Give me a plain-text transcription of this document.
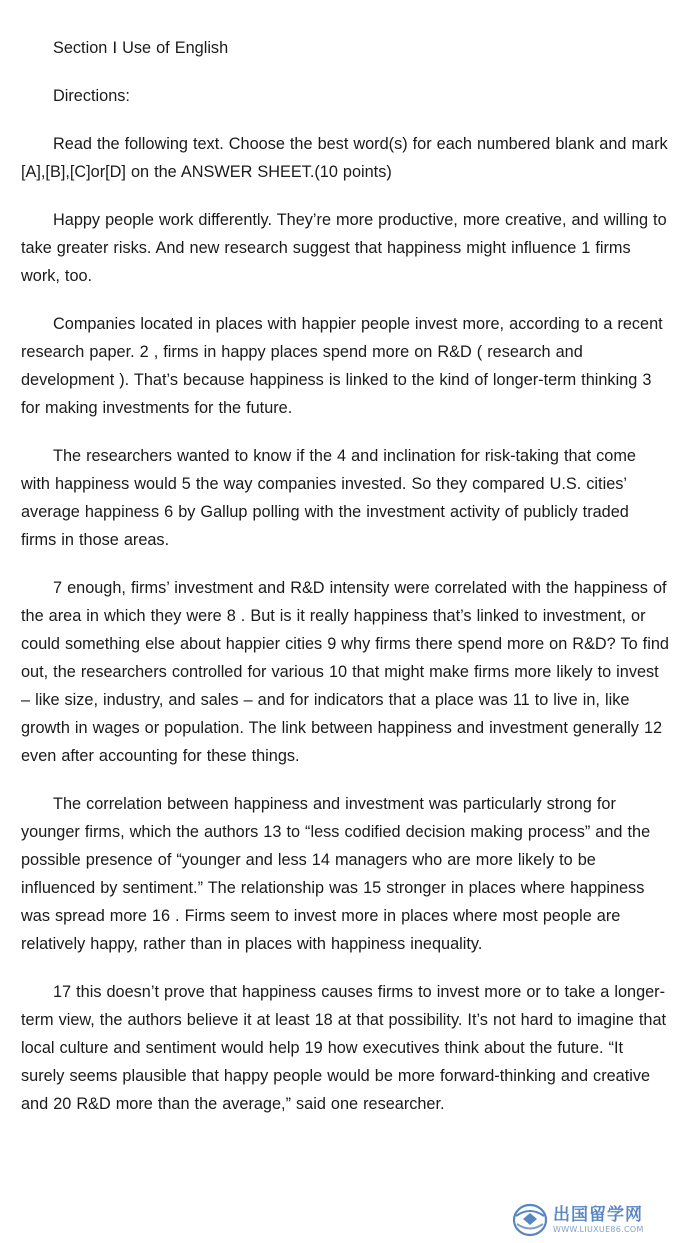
Section Ⅰ Use of English

Directions:

Read the following text. Choose the best word(s) for each numbered blank and mark [A],[B],[C]or[D] on the ANSWER SHEET.(10 points)

Happy people work differently. They’re more productive, more creative, and willing to take greater risks. And new research suggest that happiness might influence 1 firms work, too.

Companies located in places with happier people invest more, according to a recent research paper. 2 , firms in happy places spend more on R&D ( research and development ). That’s because happiness is linked to the kind of longer-term thinking 3 for making investments for the future.

The researchers wanted to know if the 4 and inclination for risk-taking that come with happiness would 5 the way companies invested. So they compared U.S. cities’ average happiness 6 by Gallup polling with the investment activity of publicly traded firms in those areas.

7 enough, firms’ investment and R&D intensity were correlated with the happiness of the area in which they were 8 . But is it really happiness that’s linked to investment, or could something else about happier cities 9 why firms there spend more on R&D? To find out, the researchers controlled for various 10 that might make firms more likely to invest – like size, industry, and sales – and for indicators that a place was 11 to live in, like growth in wages or population. The link between happiness and investment generally 12 even after accounting for these things.

The correlation between happiness and investment was particularly strong for younger firms, which the authors 13 to “less codified decision making process” and the possible presence of “younger and less 14 managers who are more likely to be influenced by sentiment.” The relationship was 15 stronger in places where happiness was spread more 16 . Firms seem to invest more in places where most people are relatively happy, rather than in places with happiness inequality.

17 this doesn’t prove that happiness causes firms to invest more or to take a longer-term view, the authors believe it at least 18 at that possibility. It’s not hard to imagine that local culture and sentiment would help 19 how executives think about the future. “It surely seems plausible that happy people would be more forward-thinking and creative and 20 R&D more than the average,” said one researcher.

出国留学网
WWW.LIUXUE86.COM
